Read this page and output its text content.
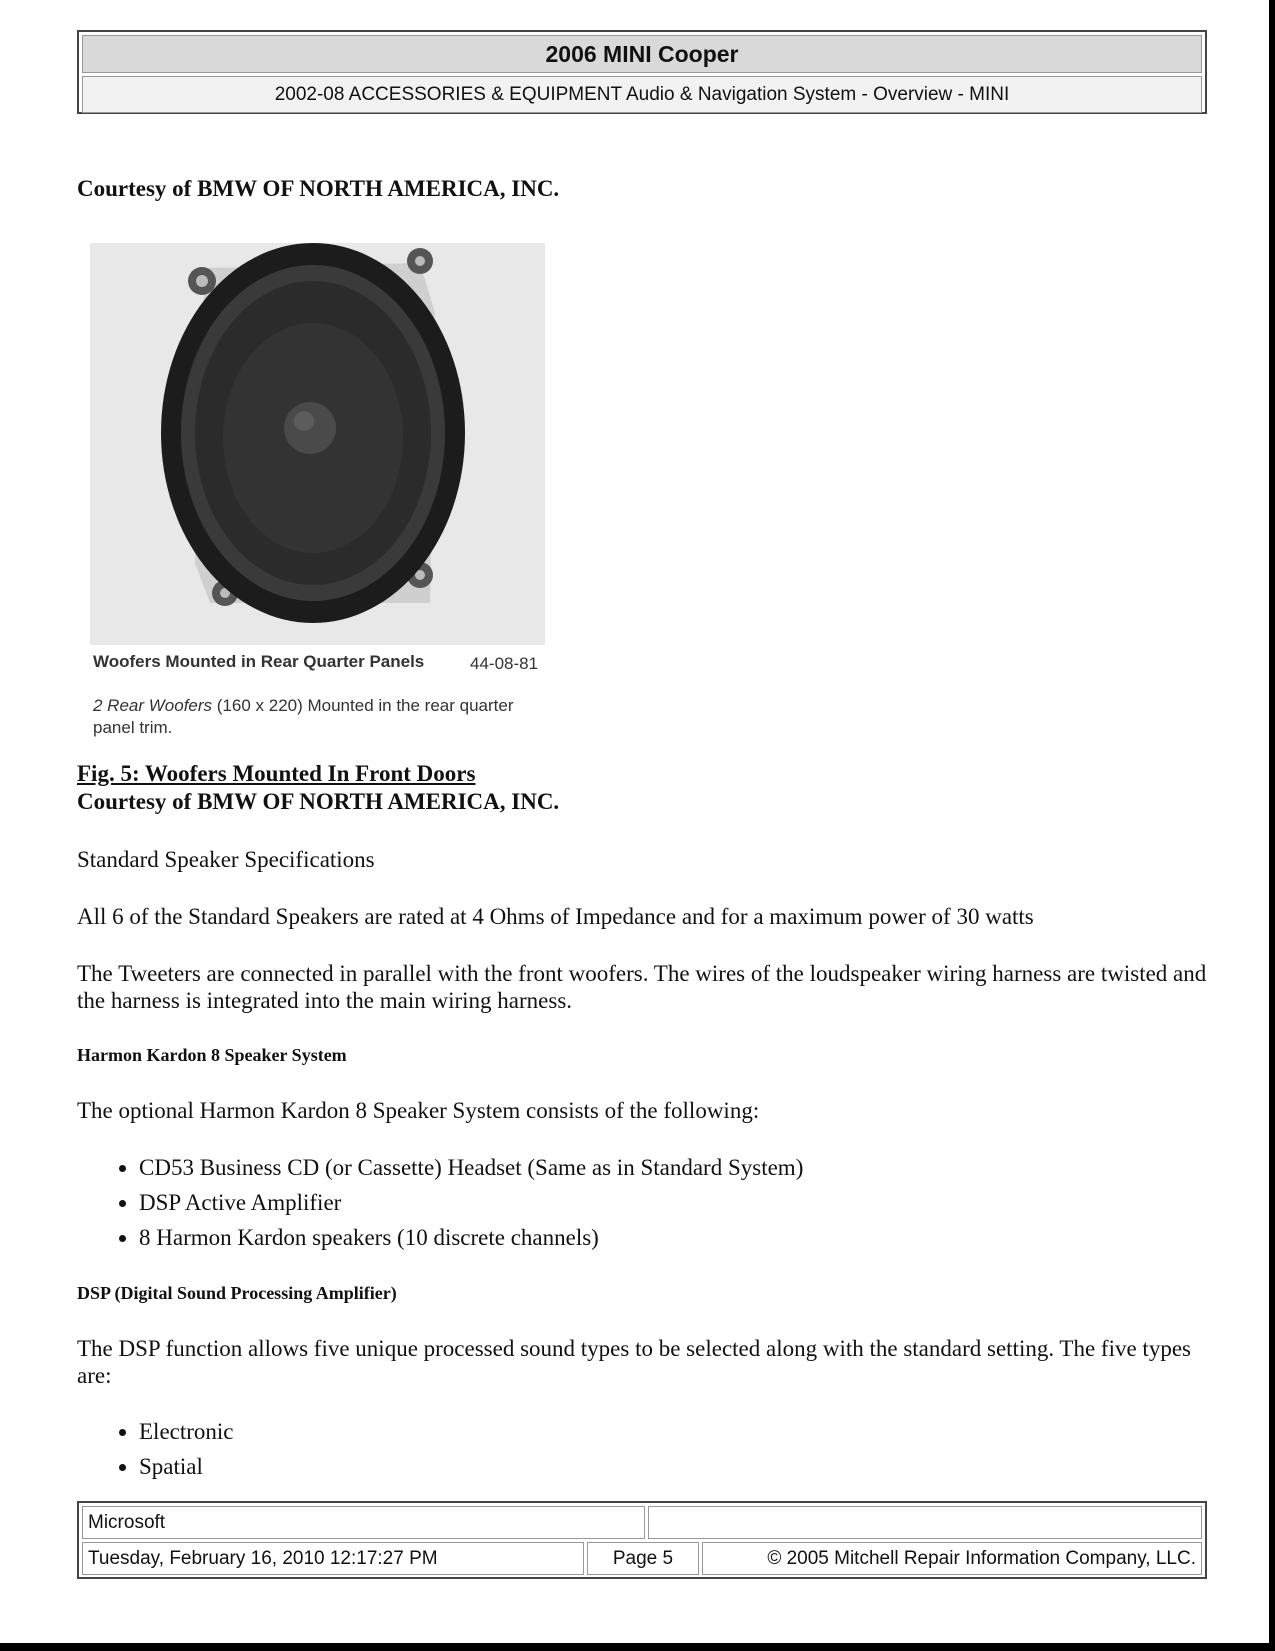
2006 MINI Cooper
2002-08 ACCESSORIES & EQUIPMENT Audio & Navigation System - Overview - MINI
Courtesy of BMW OF NORTH AMERICA, INC.
Woofers Mounted in Rear Quarter Panels	44-08-81
2 Rear Woofers (160 x 220) Mounted in the rear quarter panel trim.
Fig. 5: Woofers Mounted In Front Doors
Courtesy of BMW OF NORTH AMERICA, INC.
Standard Speaker Specifications
All 6 of the Standard Speakers are rated at 4 Ohms of Impedance and for a maximum power of 30 watts
The Tweeters are connected in parallel with the front woofers. The wires of the loudspeaker wiring harness are twisted and the harness is integrated into the main wiring harness.
Harmon Kardon 8 Speaker System
The optional Harmon Kardon 8 Speaker System consists of the following:
CD53 Business CD (or Cassette) Headset (Same as in Standard System)
DSP Active Amplifier
8 Harmon Kardon speakers (10 discrete channels)
DSP (Digital Sound Processing Amplifier)
The DSP function allows five unique processed sound types to be selected along with the standard setting. The five types are:
Electronic
Spatial
Microsoft
Tuesday, February 16, 2010 12:17:27 PM	Page 5	© 2005 Mitchell Repair Information Company, LLC.
